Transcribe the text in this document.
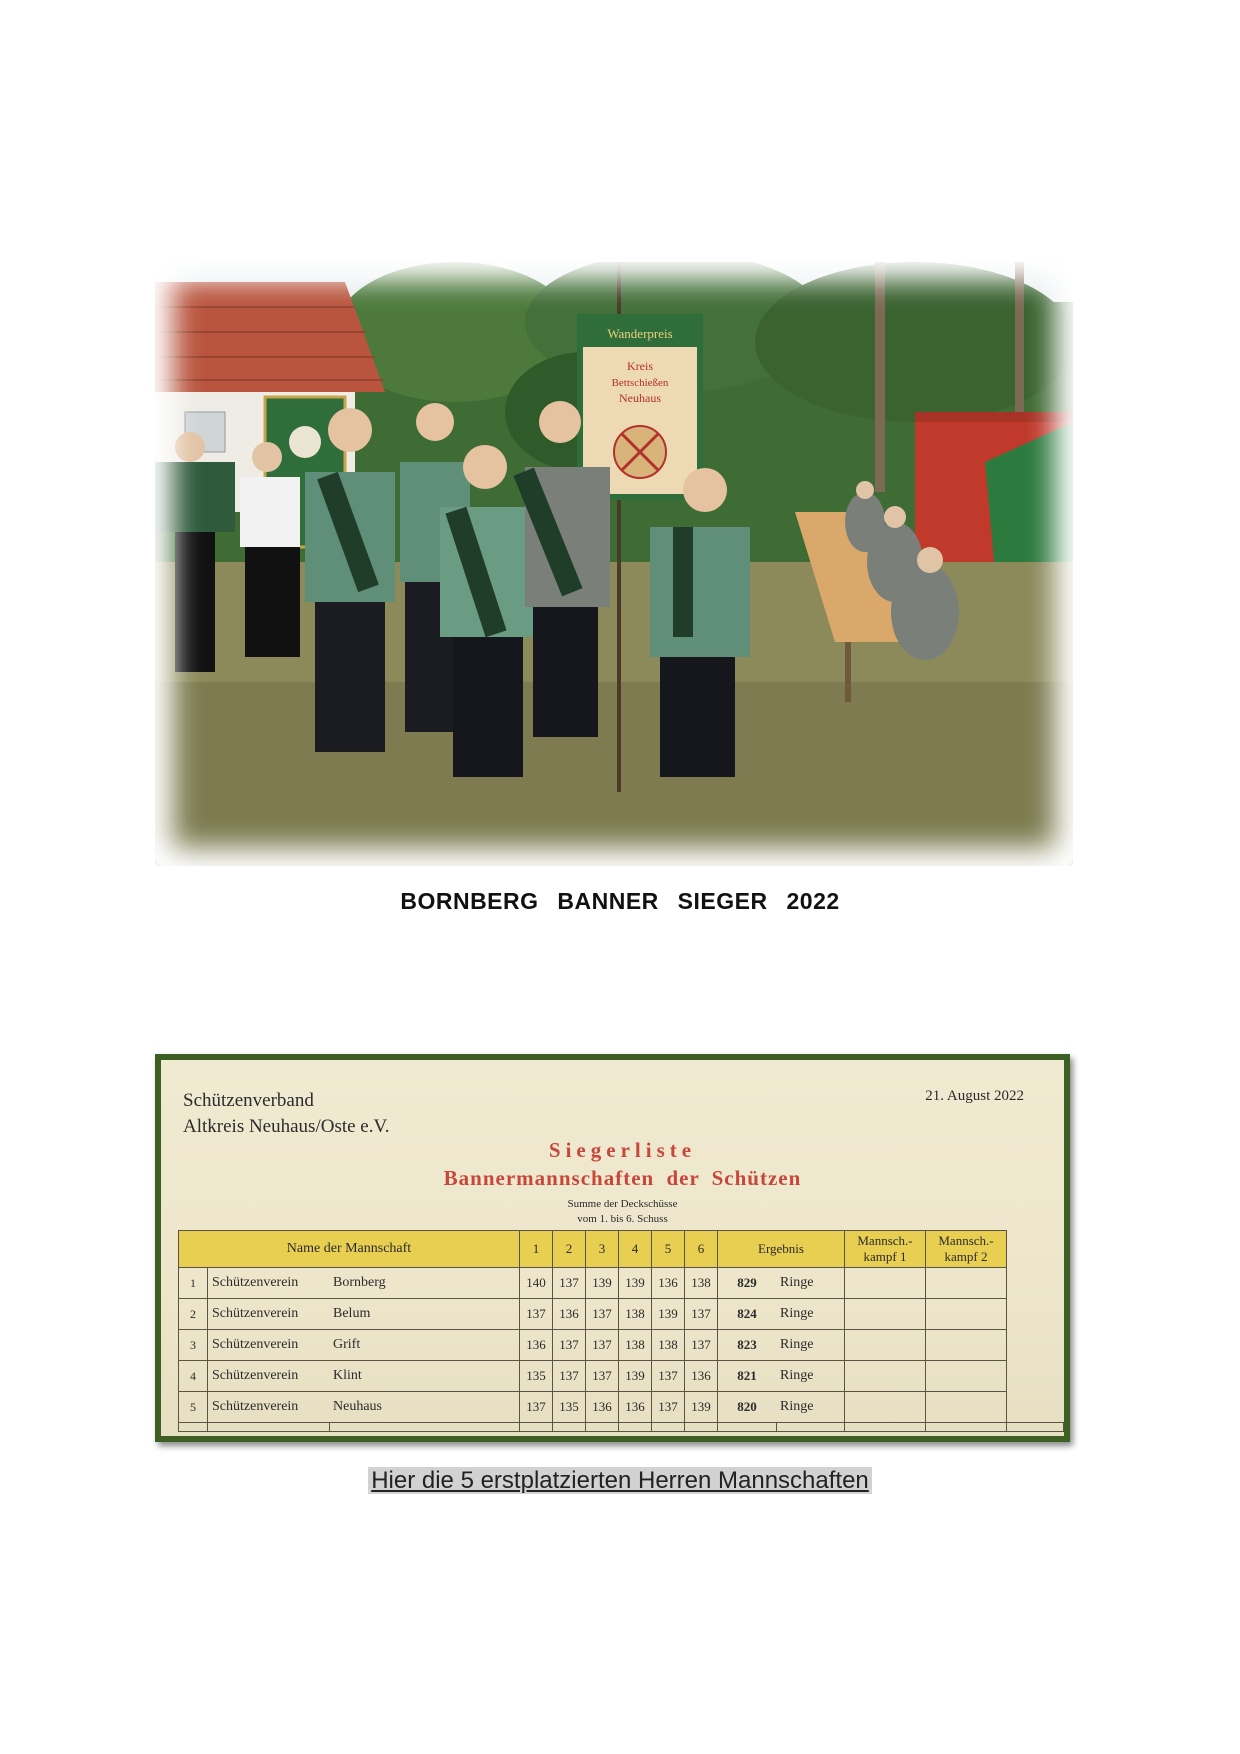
Wanderpreis
Kreis
Bettschießen
Neuhaus
BORNBERG BANNER SIEGER 2022
Schützenverband
Altkreis Neuhaus/Oste e.V.
21. August 2022
Siegerliste
Bannermannschaften der Schützen
Summe der Deckschüsse
vom 1. bis 6. Schuss
Name der Mannschaft			1	2	3	4	5	6	Ergebnis		Mannsch.- kampf 1	Mannsch.- kampf 2	
1	Schützenverein	Bornberg	140	137	139	139	136	138	829	Ringe			
2	Schützenverein	Belum	137	136	137	138	139	137	824	Ringe			
3	Schützenverein	Grift	136	137	137	138	138	137	823	Ringe			
4	Schützenverein	Klint	135	137	137	139	137	136	821	Ringe			
5	Schützenverein	Neuhaus	137	135	136	136	137	139	820	Ringe			

Hier die 5 erstplatzierten Herren Mannschaften
